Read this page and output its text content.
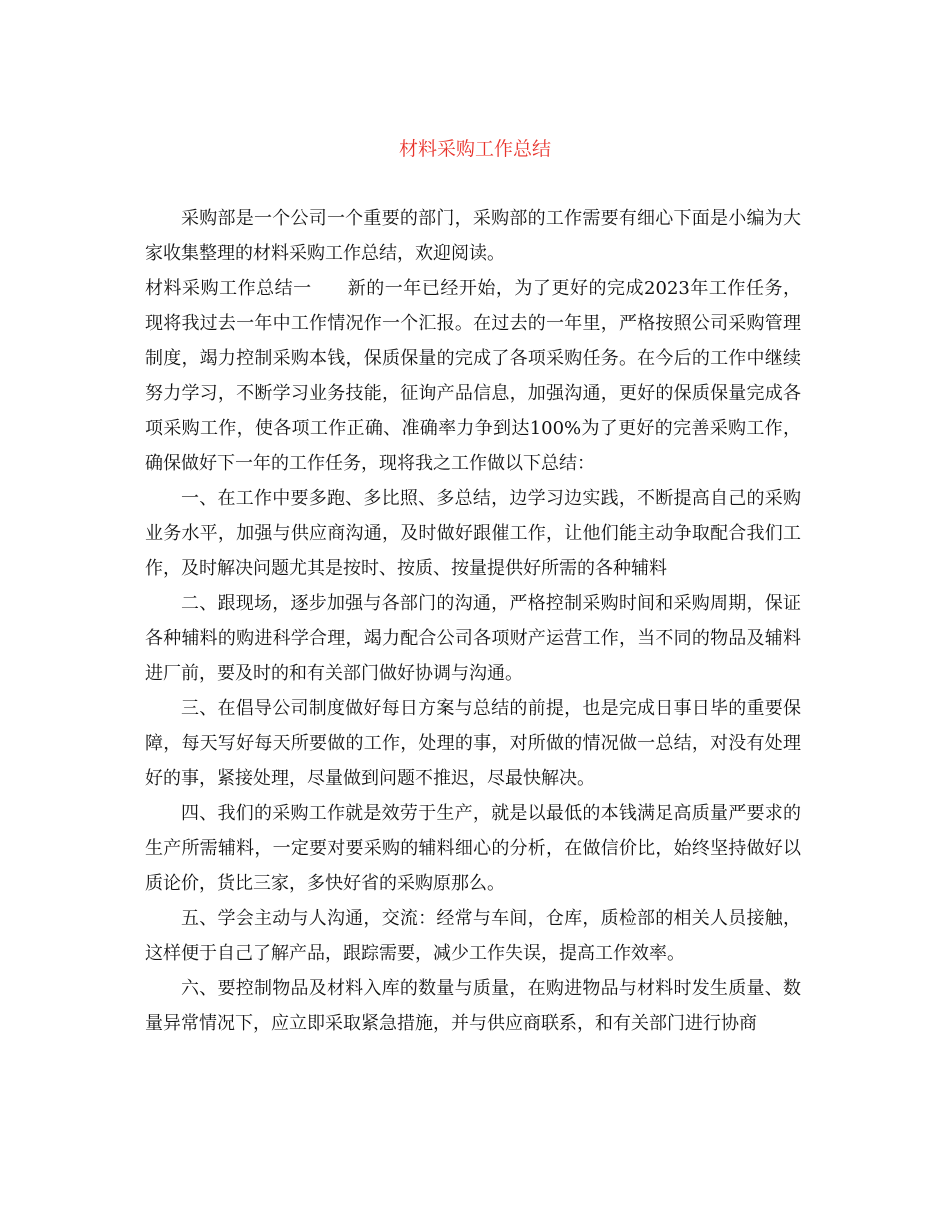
材料采购工作总结

采购部是一个公司一个重要的部门，采购部的工作需要有细心下面是小编为大家收集整理的材料采购工作总结，欢迎阅读。

材料采购工作总结一 新的一年已经开始，为了更好的完成2023年工作任务，现将我过去一年中工作情况作一个汇报。在过去的一年里，严格按照公司采购管理制度，竭力控制采购本钱，保质保量的完成了各项采购任务。在今后的工作中继续努力学习，不断学习业务技能，征询产品信息，加强沟通，更好的保质保量完成各项采购工作，使各项工作正确、准确率力争到达100%为了更好的完善采购工作，确保做好下一年的工作任务，现将我之工作做以下总结：

一、在工作中要多跑、多比照、多总结，边学习边实践，不断提高自己的采购业务水平，加强与供应商沟通，及时做好跟催工作，让他们能主动争取配合我们工作，及时解决问题尤其是按时、按质、按量提供好所需的各种辅料

二、跟现场，逐步加强与各部门的沟通，严格控制采购时间和采购周期，保证各种辅料的购进科学合理，竭力配合公司各项财产运营工作，当不同的物品及辅料进厂前，要及时的和有关部门做好协调与沟通。

三、在倡导公司制度做好每日方案与总结的前提，也是完成日事日毕的重要保障，每天写好每天所要做的工作，处理的事，对所做的情况做一总结，对没有处理好的事，紧接处理，尽量做到问题不推迟，尽最快解决。

四、我们的采购工作就是效劳于生产，就是以最低的本钱满足高质量严要求的生产所需辅料，一定要对要采购的辅料细心的分析，在做信价比，始终坚持做好以质论价，货比三家，多快好省的采购原那么。

五、学会主动与人沟通，交流：经常与车间，仓库，质检部的相关人员接触，这样便于自己了解产品，跟踪需要，减少工作失误，提高工作效率。

六、要控制物品及材料入库的数量与质量，在购进物品与材料时发生质量、数量异常情况下，应立即采取紧急措施，并与供应商联系，和有关部门进行协商
